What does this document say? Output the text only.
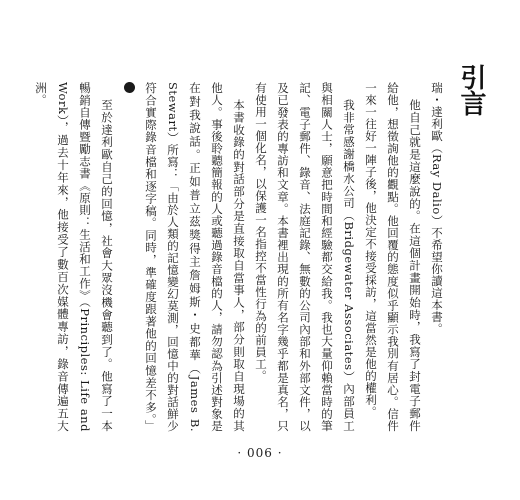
引言

瑞・達利歐（Ray Dalio）不希望你讀這本書。

他自己就是這麼說的。在這個計畫開始時，我寫了封電子郵件給他，想徵詢他的觀點。他回覆的態度似乎顯示我別有居心。信件一來一往好一陣子後，他決定不接受採訪，這當然是他的權利。

我非常感謝橋水公司（Bridgewater Associates）內部員工與相關人士，願意把時間和經驗都交給我。我也大量仰賴當時的筆記、電子郵件、錄音、法庭記錄、無數的公司內部和外部文件，以及已發表的專訪和文章。本書裡出現的所有名字幾乎都是真名，只有使用一個化名，以保護一名指控不當性行為的前員工。

本書收錄的對話部分是直接取自當事人，部分則取自現場的其他人。事後聆聽簡報的人或聽過錄音檔的人，請勿認為引述對象是在對我說話。正如普立茲獎得主詹姆斯・史都華（James B. Stewart）所寫：「由於人類的記憶變幻莫測，回憶中的對話鮮少符合實際錄音檔和逐字稿。同時，準確度跟著他的回憶差不多。」1

至於達利歐自己的回憶，社會大眾沒機會聽到了。他寫了一本暢銷自傳暨勵志書《原則：生活和工作》（Principles: Life and Work），過去十年來，他接受了數百次媒體專訪，錄音傳遍五大洲。

· 006 ·
